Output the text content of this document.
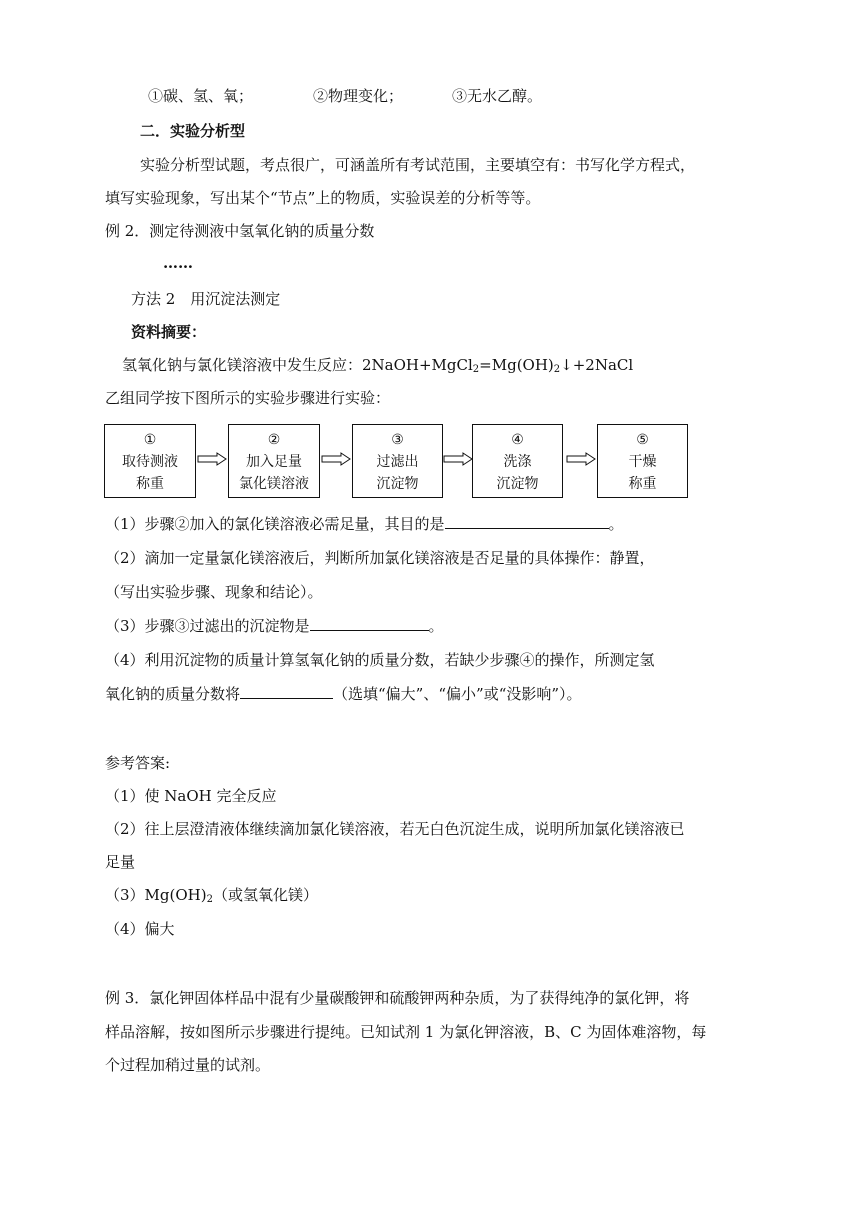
①碳、氢、氧；	②物理变化；	③无水乙醇。
二．实验分析型
实验分析型试题，考点很广，可涵盖所有考试范围，主要填空有：书写化学方程式，
填写实验现象，写出某个“节点”上的物质，实验误差的分析等等。
例 2．测定待测液中氢氧化钠的质量分数
……
方法 2　用沉淀法测定
资料摘要：
氢氧化钠与氯化镁溶液中发生反应：$2NaOH+MgCl_2=Mg(OH)_2↓+2NaCl$
乙组同学按下图所示的实验步骤进行实验：
①
取待测液
称重
②
加入足量
氯化镁溶液
③
过滤出
沉淀物
④
洗涤
沉淀物
⑤
干燥
称重
（1）步骤②加入的氯化镁溶液必需足量，其目的是	。
（2）滴加一定量氯化镁溶液后，判断所加氯化镁溶液是否足量的具体操作：静置，
（写出实验步骤、现象和结论）。
（3）步骤③过滤出的沉淀物是	。
（4）利用沉淀物的质量计算氢氧化钠的质量分数，若缺少步骤④的操作，所测定氢
氧化钠的质量分数将	（选填“偏大”、“偏小”或“没影响”）。
参考答案:
（1）使 NaOH 完全反应
（2）往上层澄清液体继续滴加氯化镁溶液，若无白色沉淀生成，说明所加氯化镁溶液已
足量
$(3)Mg(OH)_2$（或氢氧化镁）
（4）偏大
例 3．氯化钾固体样品中混有少量碳酸钾和硫酸钾两种杂质，为了获得纯净的氯化钾，将
样品溶解，按如图所示步骤进行提纯。已知试剂 1 为氯化钾溶液，B、C 为固体难溶物，每
个过程加稍过量的试剂。
